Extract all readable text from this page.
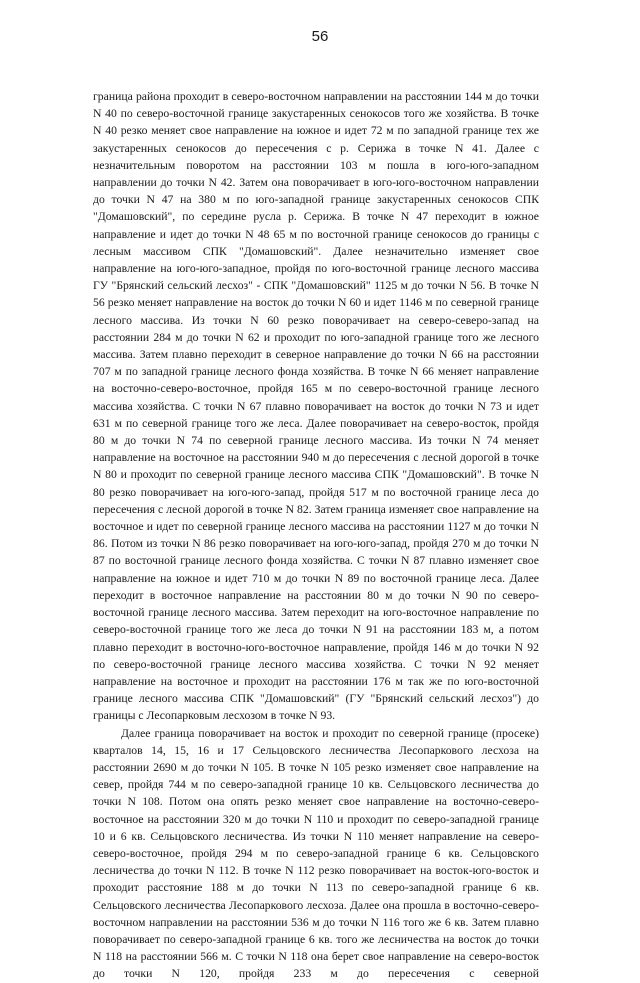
56

граница района проходит в северо-восточном направлении на расстоянии 144 м до точки N 40 по северо-восточной границе закустаренных сенокосов того же хозяйства. В точке N 40 резко меняет свое направление на южное и идет 72 м по западной границе тех же закустаренных сенокосов до пересечения с р. Серижа в точке N 41. Далее с незначительным поворотом на расстоянии 103 м пошла в юго-юго-западном направлении до точки N 42. Затем она поворачивает в юго-юго-восточном направлении до точки N 47 на 380 м по юго-западной границе закустаренных сенокосов СПК "Домашовский", по середине русла р. Серижа. В точке N 47 переходит в южное направление и идет до точки N 48 65 м по восточной границе сенокосов до границы с лесным массивом СПК "Домашовский". Далее незначительно изменяет свое направление на юго-юго-западное, пройдя по юго-восточной границе лесного массива ГУ "Брянский сельский лесхоз" - СПК "Домашовский" 1125 м до точки N 56. В точке N 56 резко меняет направление на восток до точки N 60 и идет 1146 м по северной границе лесного массива. Из точки N 60 резко поворачивает на северо-северо-запад на расстоянии 284 м до точки N 62 и проходит по юго-западной границе того же лесного массива. Затем плавно переходит в северное направление до точки N 66 на расстоянии 707 м по западной границе лесного фонда хозяйства. В точке N 66 меняет направление на восточно-северо-восточное, пройдя 165 м по северо-восточной границе лесного массива хозяйства. С точки N 67 плавно поворачивает на восток до точки N 73 и идет 631 м по северной границе того же леса. Далее поворачивает на северо-восток, пройдя 80 м до точки N 74 по северной границе лесного массива. Из точки N 74 меняет направление на восточное на расстоянии 940 м до пересечения с лесной дорогой в точке N 80 и проходит по северной границе лесного массива СПК "Домашовский". В точке N 80 резко поворачивает на юго-юго-запад, пройдя 517 м по восточной границе леса до пересечения с лесной дорогой в точке N 82. Затем граница изменяет свое направление на восточное и идет по северной границе лесного массива на расстоянии 1127 м до точки N 86. Потом из точки N 86 резко поворачивает на юго-юго-запад, пройдя 270 м до точки N 87 по восточной границе лесного фонда хозяйства. С точки N 87 плавно изменяет свое направление на южное и идет 710 м до точки N 89 по восточной границе леса. Далее переходит в восточное направление на расстоянии 80 м до точки N 90 по северо-восточной границе лесного массива. Затем переходит на юго-восточное направление по северо-восточной границе того же леса до точки N 91 на расстоянии 183 м, а потом плавно переходит в восточно-юго-восточное направление, пройдя 146 м до точки N 92 по северо-восточной границе лесного массива хозяйства. С точки N 92 меняет направление на восточное и проходит на расстоянии 176 м так же по юго-восточной границе лесного массива СПК "Домашовский" (ГУ "Брянский сельский лесхоз") до границы с Лесопарковым лесхозом в точке N 93.

Далее граница поворачивает на восток и проходит по северной границе (просеке) кварталов 14, 15, 16 и 17 Сельцовского лесничества Лесопаркового лесхоза на расстоянии 2690 м до точки N 105. В точке N 105 резко изменяет свое направление на север, пройдя 744 м по северо-западной границе 10 кв. Сельцовского лесничества до точки N 108. Потом она опять резко меняет свое направление на восточно-северо-восточное на расстоянии 320 м до точки N 110 и проходит по северо-западной границе 10 и 6 кв. Сельцовского лесничества. Из точки N 110 меняет направление на северо-северо-восточное, пройдя 294 м по северо-западной границе 6 кв. Сельцовского лесничества до точки N 112. В точке N 112 резко поворачивает на восток-юго-восток и проходит расстояние 188 м до точки N 113 по северо-западной границе 6 кв. Сельцовского лесничества Лесопаркового лесхоза. Далее она прошла в восточно-северо-восточном направлении на расстоянии 536 м до точки N 116 того же 6 кв. Затем плавно поворачивает по северо-западной границе 6 кв. того же лесничества на восток до точки N 118 на расстоянии 566 м. С точки N 118 она берет свое направление на северо-восток до точки N 120, пройдя 233 м до пересечения с северной
